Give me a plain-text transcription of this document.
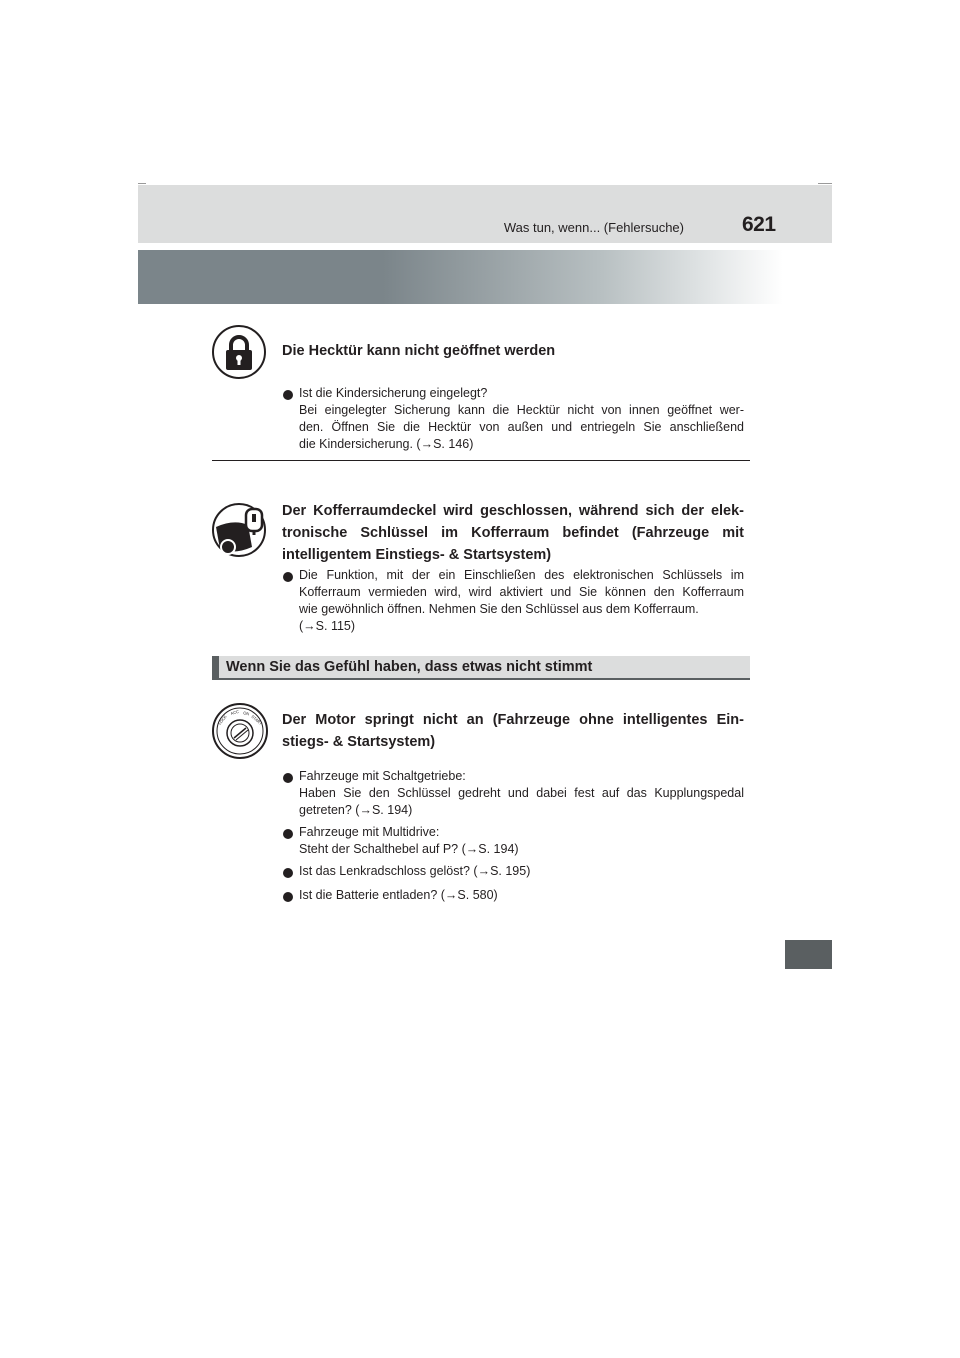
Was tun, wenn... (Fehlersuche)	621
Die Hecktür kann nicht geöffnet werden
Ist die Kindersicherung eingelegt?
Bei eingelegter Sicherung kann die Hecktür nicht von innen geöffnet wer-
den. Öffnen Sie die Hecktür von außen und entriegeln Sie anschließend
die Kindersicherung. (→S. 146)
Der Kofferraumdeckel wird geschlossen, während sich der elek-
tronische Schlüssel im Kofferraum befindet (Fahrzeuge mit
intelligentem Einstiegs- & Startsystem)
Die Funktion, mit der ein Einschließen des elektronischen Schlüssels im
Kofferraum vermieden wird, wird aktiviert und Sie können den Kofferraum
wie gewöhnlich öffnen. Nehmen Sie den Schlüssel aus dem Kofferraum.
(→S. 115)
Wenn Sie das Gefühl haben, dass etwas nicht stimmt
LOCK
ACC ON
START Der Motor springt nicht an (Fahrzeuge ohne intelligentes Ein-
stiegs- & Startsystem)
Fahrzeuge mit Schaltgetriebe:
Haben Sie den Schlüssel gedreht und dabei fest auf das Kupplungspedal
getreten? (→S. 194)
Fahrzeuge mit Multidrive:
Steht der Schalthebel auf P? (→S. 194)
Ist das Lenkradschloss gelöst? (→S. 195)
Ist die Batterie entladen? (→S. 580)
